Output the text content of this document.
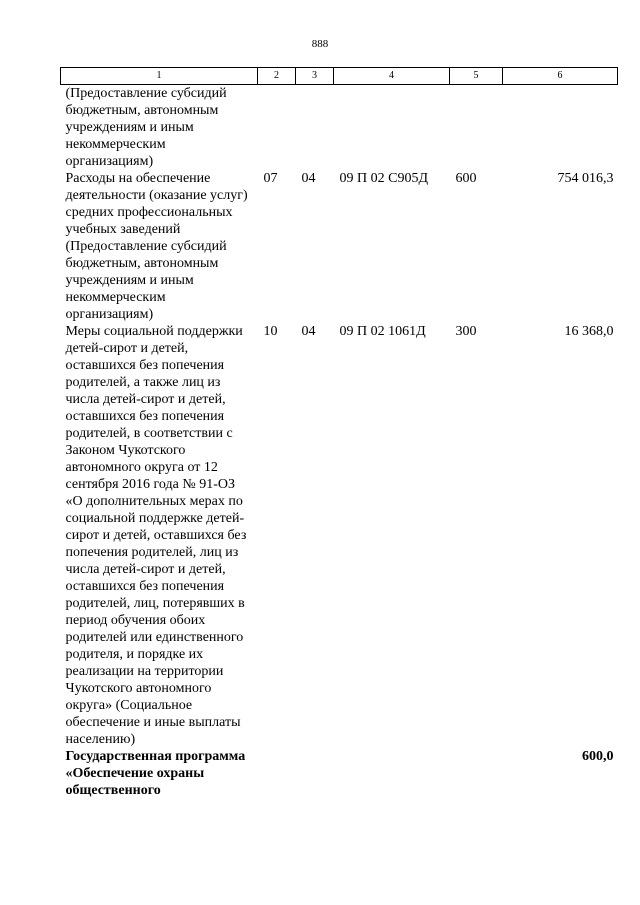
888
1	2	3	4	5	6
(Предоставление субсидий бюджетным, автономным учреждениям и иным некоммерческим организациям)					
Расходы на обеспечение деятельности (оказание услуг) средних профессиональных учебных заведений (Предоставление субсидий бюджетным, автономным учреждениям и иным некоммерческим организациям)	07	04	09 П 02 С905Д	600	754 016,3
Меры социальной поддержки детей-сирот и детей, оставшихся без попечения родителей, а также лиц из числа детей-сирот и детей, оставшихся без попечения родителей, в соответствии с Законом Чукотского автономного округа от 12 сентября 2016 года № 91-ОЗ «О дополнительных мерах по социальной поддержке детей-сирот и детей, оставшихся без попечения родителей, лиц из числа детей-сирот и детей, оставшихся без попечения родителей, лиц, потерявших в период обучения обоих родителей или единственного родителя, и порядке их реализации на территории Чукотского автономного округа» (Социальное обеспечение и иные выплаты населению)	10	04	09 П 02 1061Д	300	16 368,0
Государственная программа «Обеспечение охраны общественного					600,0
